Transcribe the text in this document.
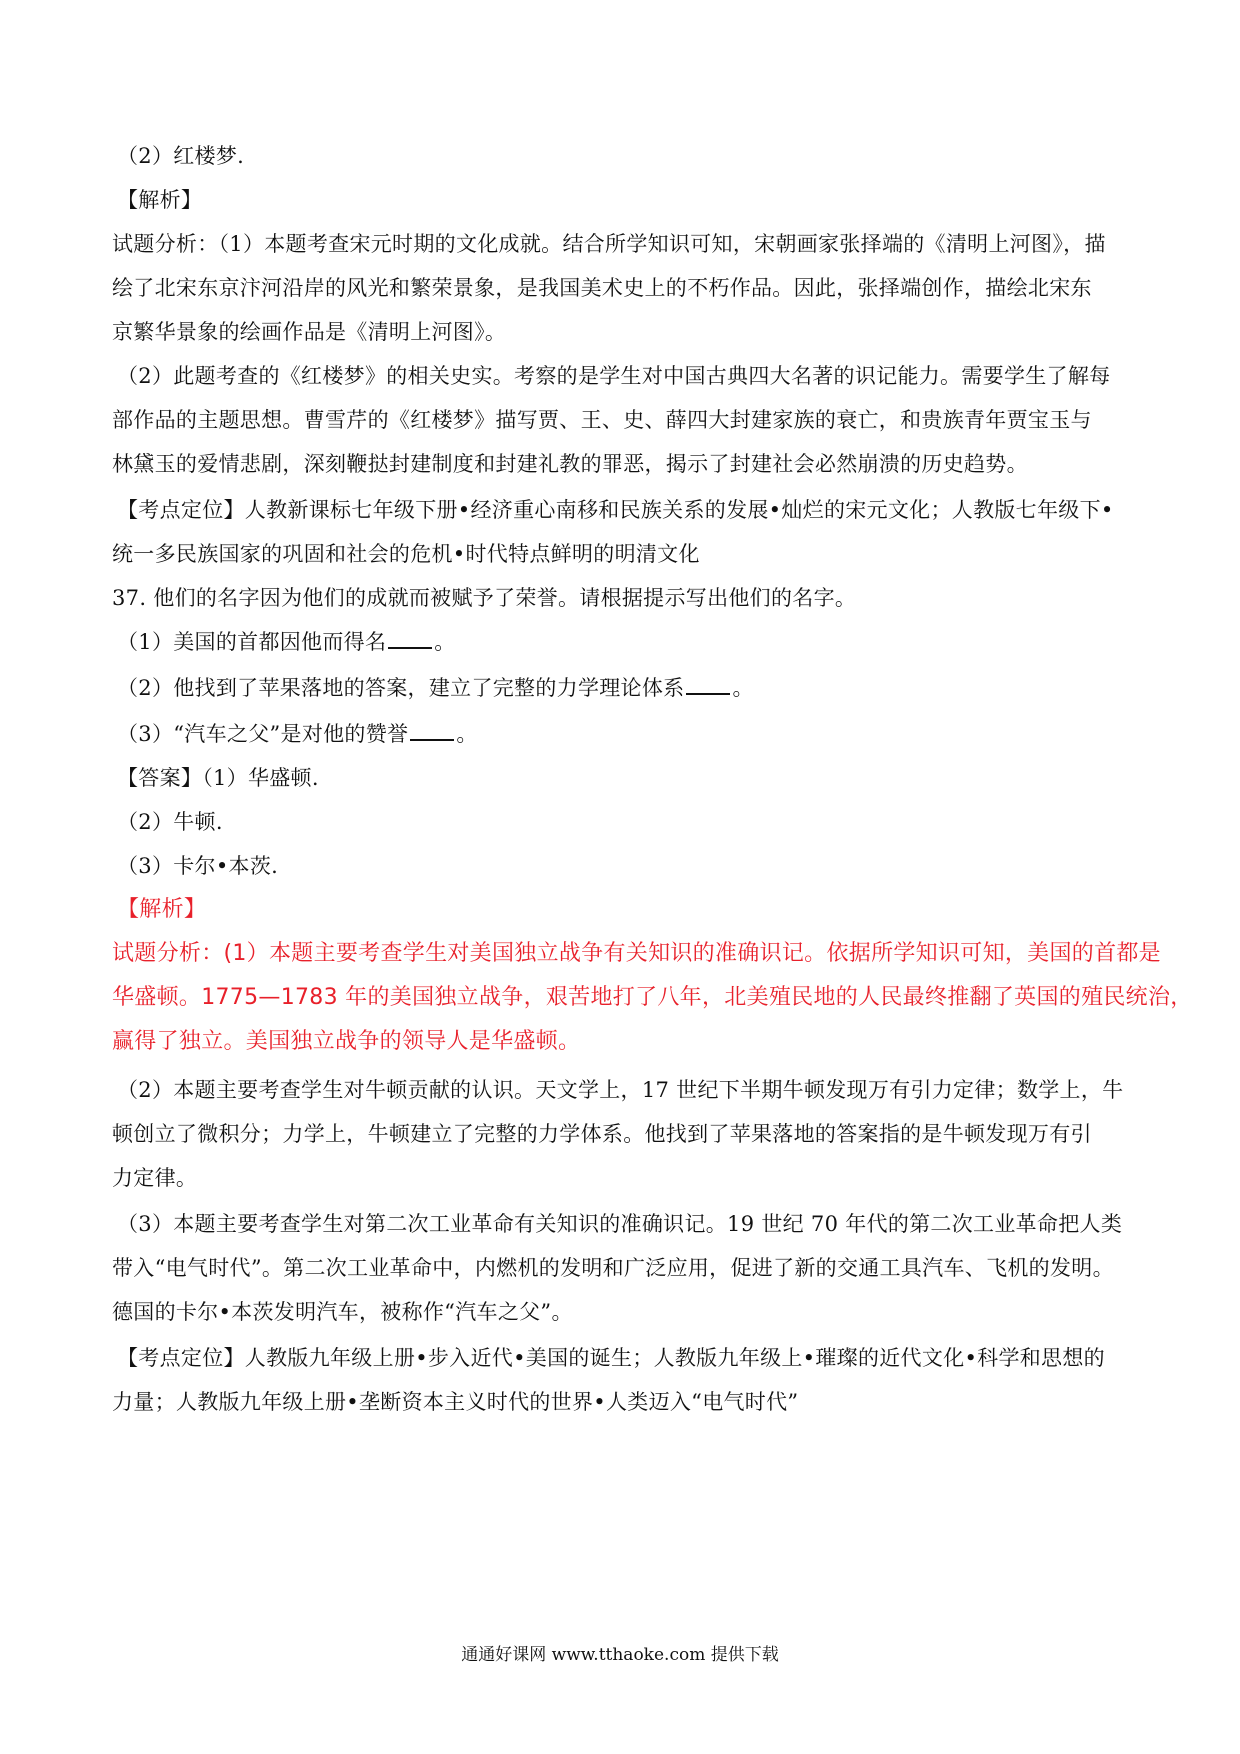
（2）红楼梦.
【解析】
试题分析：（1）本题考查宋元时期的文化成就。结合所学知识可知，宋朝画家张择端的《清明上河图》，描
绘了北宋东京汴河沿岸的风光和繁荣景象，是我国美术史上的不朽作品。因此，张择端创作，描绘北宋东
京繁华景象的绘画作品是《清明上河图》。
（2）此题考查的《红楼梦》的相关史实。考察的是学生对中国古典四大名著的识记能力。需要学生了解每
部作品的主题思想。曹雪芹的《红楼梦》描写贾、王、史、薛四大封建家族的衰亡，和贵族青年贾宝玉与
林黛玉的爱情悲剧，深刻鞭挞封建制度和封建礼教的罪恶，揭示了封建社会必然崩溃的历史趋势。
【考点定位】人教新课标七年级下册•经济重心南移和民族关系的发展•灿烂的宋元文化；人教版七年级下•
统一多民族国家的巩固和社会的危机•时代特点鲜明的明清文化
37. 他们的名字因为他们的成就而被赋予了荣誉。请根据提示写出他们的名字。
（1）美国的首都因他而得名 。
（2）他找到了苹果落地的答案，建立了完整的力学理论体系 。
（3）“汽车之父”是对他的赞誉 。
【答案】（1）华盛顿.
（2）牛顿.
（3）卡尔•本茨.
【解析】
试题分析：(1）本题主要考查学生对美国独立战争有关知识的准确识记。依据所学知识可知，美国的首都是
华盛顿。1775—1783 年的美国独立战争，艰苦地打了八年，北美殖民地的人民最终推翻了英国的殖民统治，
赢得了独立。美国独立战争的领导人是华盛顿。
（2）本题主要考查学生对牛顿贡献的认识。天文学上，17 世纪下半期牛顿发现万有引力定律；数学上，牛
顿创立了微积分；力学上，牛顿建立了完整的力学体系。他找到了苹果落地的答案指的是牛顿发现万有引
力定律。
（3）本题主要考查学生对第二次工业革命有关知识的准确识记。19 世纪 70 年代的第二次工业革命把人类
带入“电气时代”。第二次工业革命中，内燃机的发明和广泛应用，促进了新的交通工具汽车、飞机的发明。
德国的卡尔•本茨发明汽车，被称作“汽车之父”。
【考点定位】人教版九年级上册•步入近代•美国的诞生；人教版九年级上•璀璨的近代文化•科学和思想的
力量；人教版九年级上册•垄断资本主义时代的世界•人类迈入“电气时代”
通通好课网 www.tthaoke.com 提供下载
